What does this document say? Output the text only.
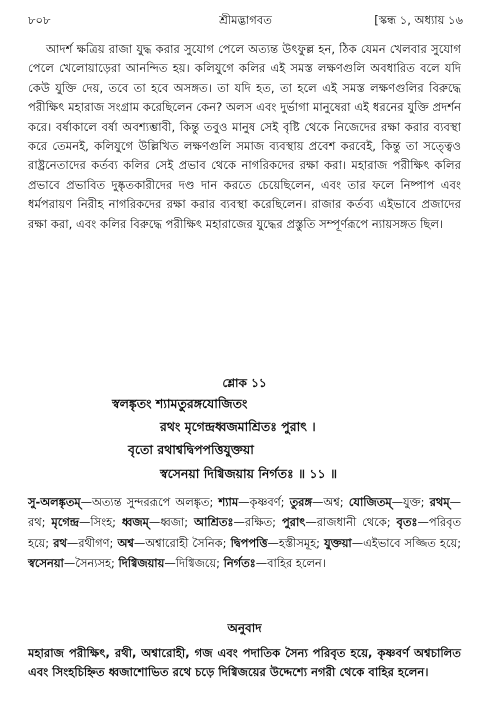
৮০৮	শ্রীমদ্ভাগবত	[স্কন্ধ ১, অধ্যায় ১৬
আদর্শ ক্ষত্রিয় রাজা যুদ্ধ করার সুযোগ পেলে অত্যন্ত উৎফুল্ল হন, ঠিক যেমন খেলবার সুযোগ পেলে খেলোয়াড়েরা আনন্দিত হয়। কলিযুগে কলির এই সমস্ত লক্ষণগুলি অবধারিত বলে যদি কেউ যুক্তি দেয়, তবে তা হবে অসঙ্গত। তা যদি হত, তা হলে এই সমস্ত লক্ষণগুলির বিরুদ্ধে পরীক্ষিৎ মহারাজ সংগ্রাম করেছিলেন কেন? অলস এবং দুর্ভাগা মানুষেরা এই ধরনের যুক্তি প্রদর্শন করে। বর্ষাকালে বর্ষা অবশ্যম্ভাবী, কিন্তু তবুও মানুষ সেই বৃষ্টি থেকে নিজেদের রক্ষা করার ব্যবস্থা করে তেমনই, কলিযুগে উল্লিখিত লক্ষণগুলি সমাজ ব্যবস্থায় প্রবেশ করবেই, কিন্তু তা সত্ত্বেও রাষ্ট্রনেতাদের কর্তব্য কলির সেই প্রভাব থেকে নাগরিকদের রক্ষা করা। মহারাজ পরীক্ষিৎ কলির প্রভাবে প্রভাবিত দুষ্কৃতকারীদের দণ্ড দান করতে চেয়েছিলেন, এবং তার ফলে নিষ্পাপ এবং ধর্মপরায়ণ নিরীহ নাগরিকদের রক্ষা করার ব্যবস্থা করেছিলেন। রাজার কর্তব্য এইভাবে প্রজাদের রক্ষা করা, এবং কলির বিরুদ্ধে পরীক্ষিৎ মহারাজের যুদ্ধের প্রস্তুতি সম্পূর্ণরূপে ন্যায়সঙ্গত ছিল।
শ্লোক ১১
স্বলঙ্কৃতং শ্যামতুরঙ্গযোজিতং
রথং মৃগেন্দ্রধ্বজমাশ্রিতঃ পুরাৎ ।
বৃতো রথাশ্বদ্বিপপত্তিযুক্তয়া
স্বসেনয়া দিগ্বিজয়ায় নির্গতঃ ॥ ১১ ॥
সু-অলঙ্কৃতম্—অত্যন্ত সুন্দররূপে অলঙ্কৃত; শ্যাম—কৃষ্ণবর্ণ; তুরঙ্গ—অশ্ব; যোজিতম্—যুক্ত; রথম্—রথ; মৃগেন্দ্র—সিংহ; ধ্বজম্—ধ্বজা; আশ্রিতঃ—রক্ষিত; পুরাৎ—রাজধানী থেকে; বৃতঃ—পরিবৃত হয়ে; রথ—রথীগণ; অশ্ব—অশ্বারোহী সৈনিক; দ্বিপপত্তি—হস্তীসমূহ; যুক্তয়া—এইভাবে সজ্জিত হয়ে; স্বসেনয়া—সৈন্যসহ; দিগ্বিজয়ায়—দিগ্বিজয়ে; নির্গতঃ—বাহির হলেন।
অনুবাদ
মহারাজ পরীক্ষিৎ, রথী, অশ্বারোহী, গজ এবং পদাতিক সৈন্য পরিবৃত হয়ে, কৃষ্ণবর্ণ অশ্বচালিত এবং সিংহচিহ্নিত ধ্বজাশোভিত রথে চড়ে দিগ্বিজয়ের উদ্দেশ্যে নগরী থেকে বাহির হলেন।
